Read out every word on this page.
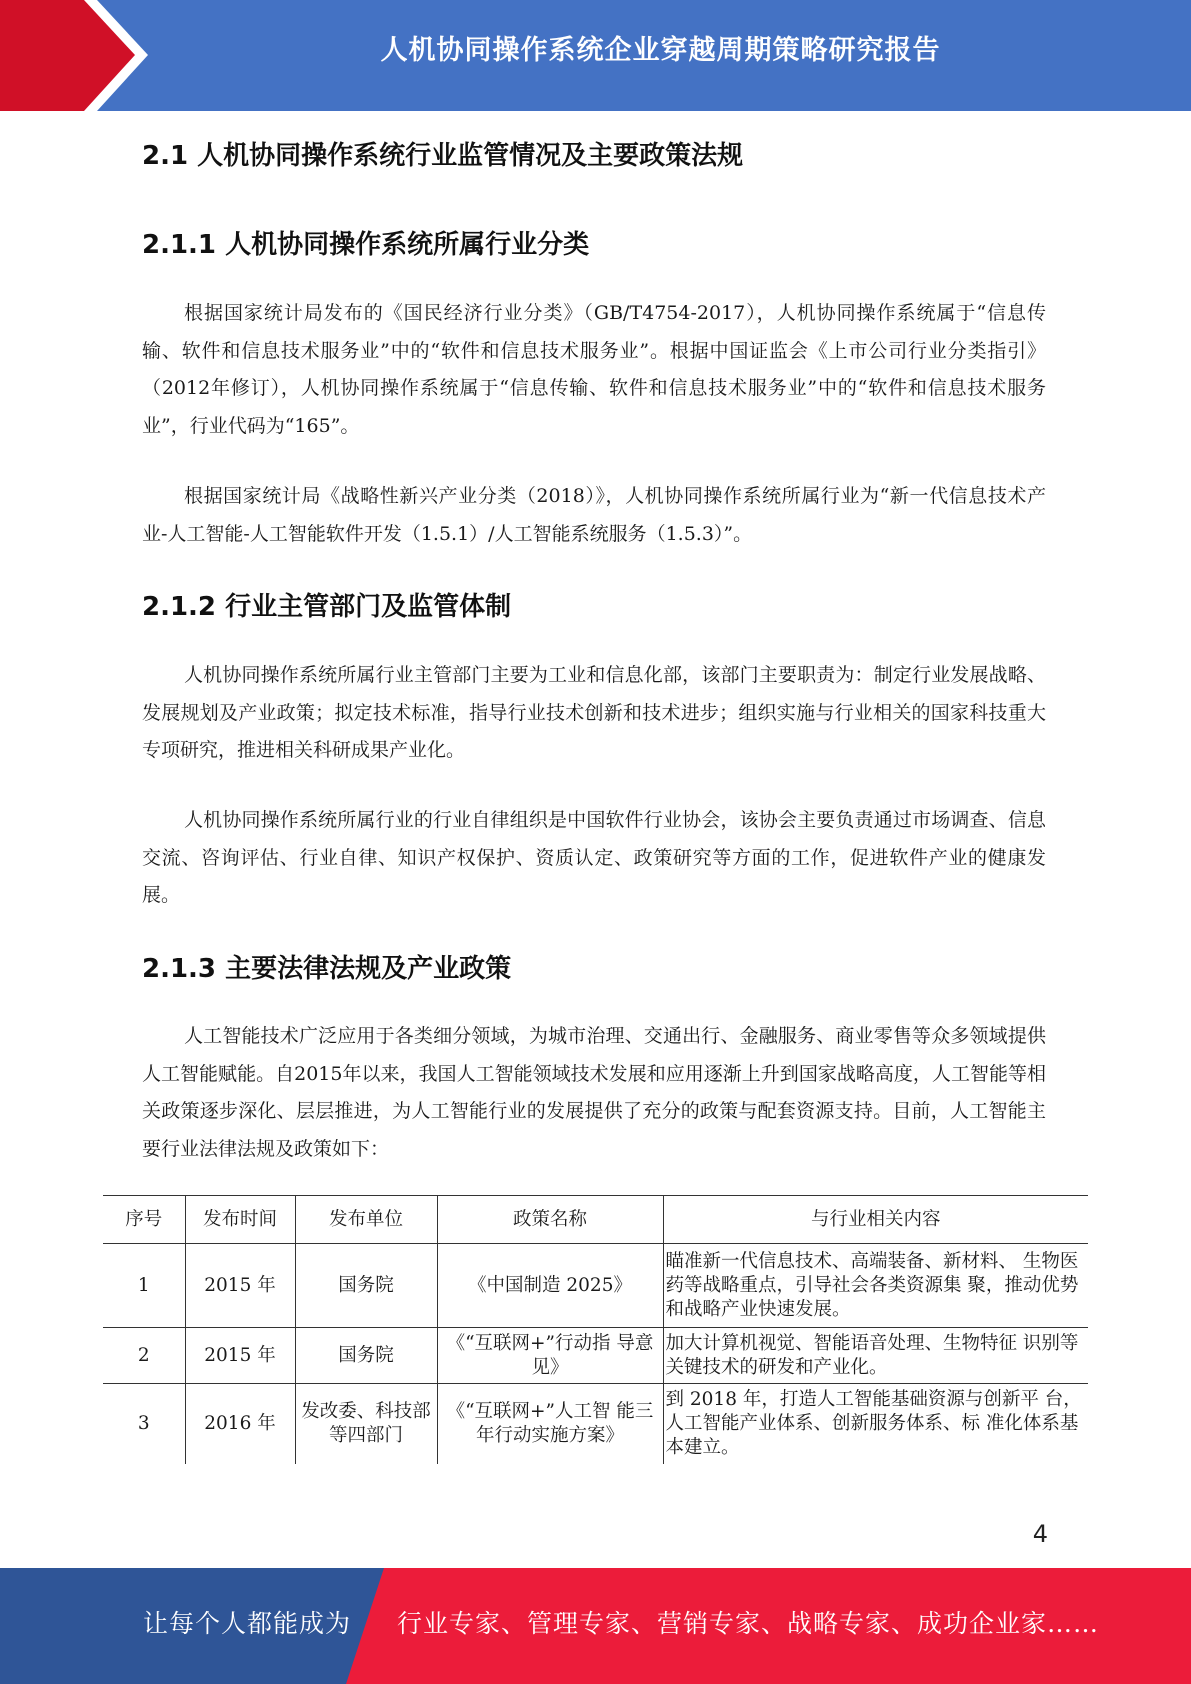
人机协同操作系统企业穿越周期策略研究报告
2.1 人机协同操作系统行业监管情况及主要政策法规
2.1.1 人机协同操作系统所属行业分类

根据国家统计局发布的《国民经济行业分类》（GB/T4754-2017），人机协同操作系统属于“信息传输、软件和信息技术服务业”中的“软件和信息技术服务业”。根据中国证监会《上市公司行业分类指引》（2012年修订），人机协同操作系统属于“信息传输、软件和信息技术服务业”中的“软件和信息技术服务业”，行业代码为“165”。

根据国家统计局《战略性新兴产业分类（2018）》，人机协同操作系统所属行业为“新一代信息技术产业-人工智能-人工智能软件开发（1.5.1）/人工智能系统服务（1.5.3）”。

2.1.2 行业主管部门及监管体制

人机协同操作系统所属行业主管部门主要为工业和信息化部，该部门主要职责为：制定行业发展战略、发展规划及产业政策；拟定技术标准，指导行业技术创新和技术进步；组织实施与行业相关的国家科技重大专项研究，推进相关科研成果产业化。

人机协同操作系统所属行业的行业自律组织是中国软件行业协会，该协会主要负责通过市场调查、信息交流、咨询评估、行业自律、知识产权保护、资质认定、政策研究等方面的工作，促进软件产业的健康发展。

2.1.3 主要法律法规及产业政策

人工智能技术广泛应用于各类细分领域，为城市治理、交通出行、金融服务、商业零售等众多领域提供人工智能赋能。自2015年以来，我国人工智能领域技术发展和应用逐渐上升到国家战略高度，人工智能等相关政策逐步深化、层层推进，为人工智能行业的发展提供了充分的政策与配套资源支持。目前，人工智能主要行业法律法规及政策如下：

序号	发布时间	发布单位	政策名称	与行业相关内容
1	2015 年	国务院	《中国制造 2025》	瞄准新一代信息技术、高端装备、新材料、 生物医药等战略重点，引导社会各类资源集 聚，推动优势和战略产业快速发展。
2	2015 年	国务院	《“互联网+”行动指 导意见》	加大计算机视觉、智能语音处理、生物特征 识别等关键技术的研发和产业化。
3	2016 年	发改委、科技部等四部门	《“互联网+”人工智 能三年行动实施方案》	到 2018 年，打造人工智能基础资源与创新平 台，人工智能产业体系、创新服务体系、标 准化体系基本建立。
4
让每个人都能成为 行业专家、管理专家、营销专家、战略专家、成功企业家……
